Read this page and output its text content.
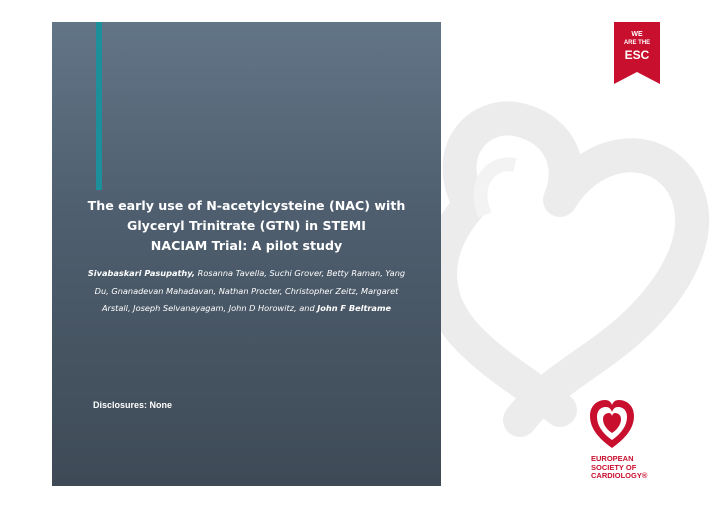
The early use of N-acetylcysteine (NAC) with
Glyceryl Trinitrate (GTN) in STEMI
NACIAM Trial: A pilot study
Sivabaskari Pasupathy, Rosanna Tavella, Suchi Grover, Betty Raman, Yang
Du, Gnanadevan Mahadavan, Nathan Procter, Christopher Zeitz, Margaret
Arstall, Joseph Selvanayagam, John D Horowitz, and John F Beltrame
Disclosures: None
WE
ARE THE
ESC
EUROPEAN
SOCIETY OF
CARDIOLOGY®
